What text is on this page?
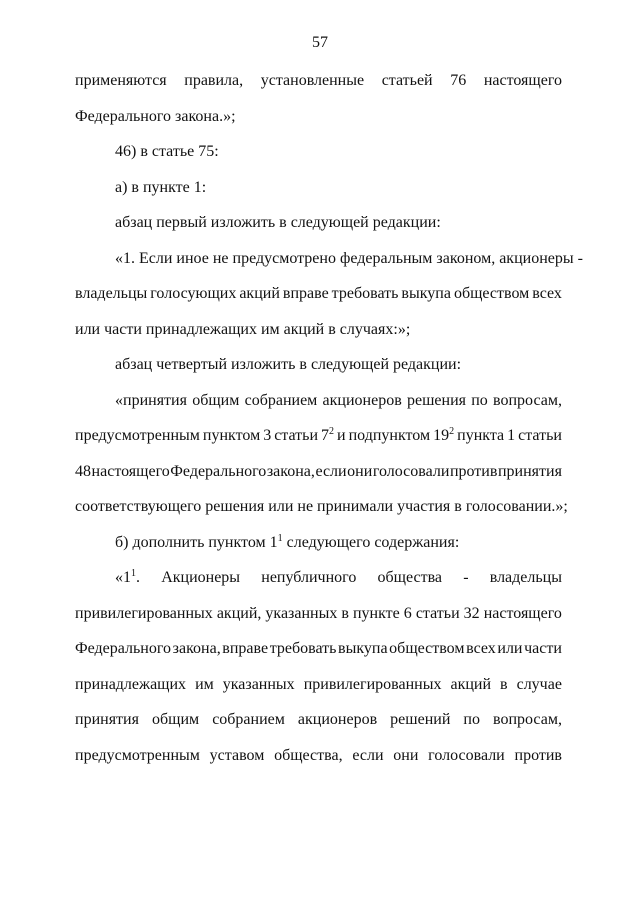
57
применяются правила, установленные статьей 76 настоящего
Федерального закона.»;
46) в статье 75:
а) в пункте 1:
абзац первый изложить в следующей редакции:
«1. Если иное не предусмотрено федеральным законом, акционеры -
владельцы голосующих акций вправе требовать выкупа обществом всех
или части принадлежащих им акций в случаях:»;
абзац четвертый изложить в следующей редакции:
«принятия общим собранием акционеров решения по вопросам,
предусмотренным пунктом 3 статьи $7^2$ и подпунктом $19^2$ пункта 1 статьи
48 настоящего Федерального закона, если они голосовали против принятия
соответствующего решения или не принимали участия в голосовании.»;
б) дополнить пунктом $1^1$ следующего содержания:
«$1^1$. Акционеры непубличного общества - владельцы
привилегированных акций, указанных в пункте 6 статьи 32 настоящего
Федерального закона, вправе требовать выкупа обществом всех или части
принадлежащих им указанных привилегированных акций в случае
принятия общим собранием акционеров решений по вопросам,
предусмотренным уставом общества, если они голосовали против
